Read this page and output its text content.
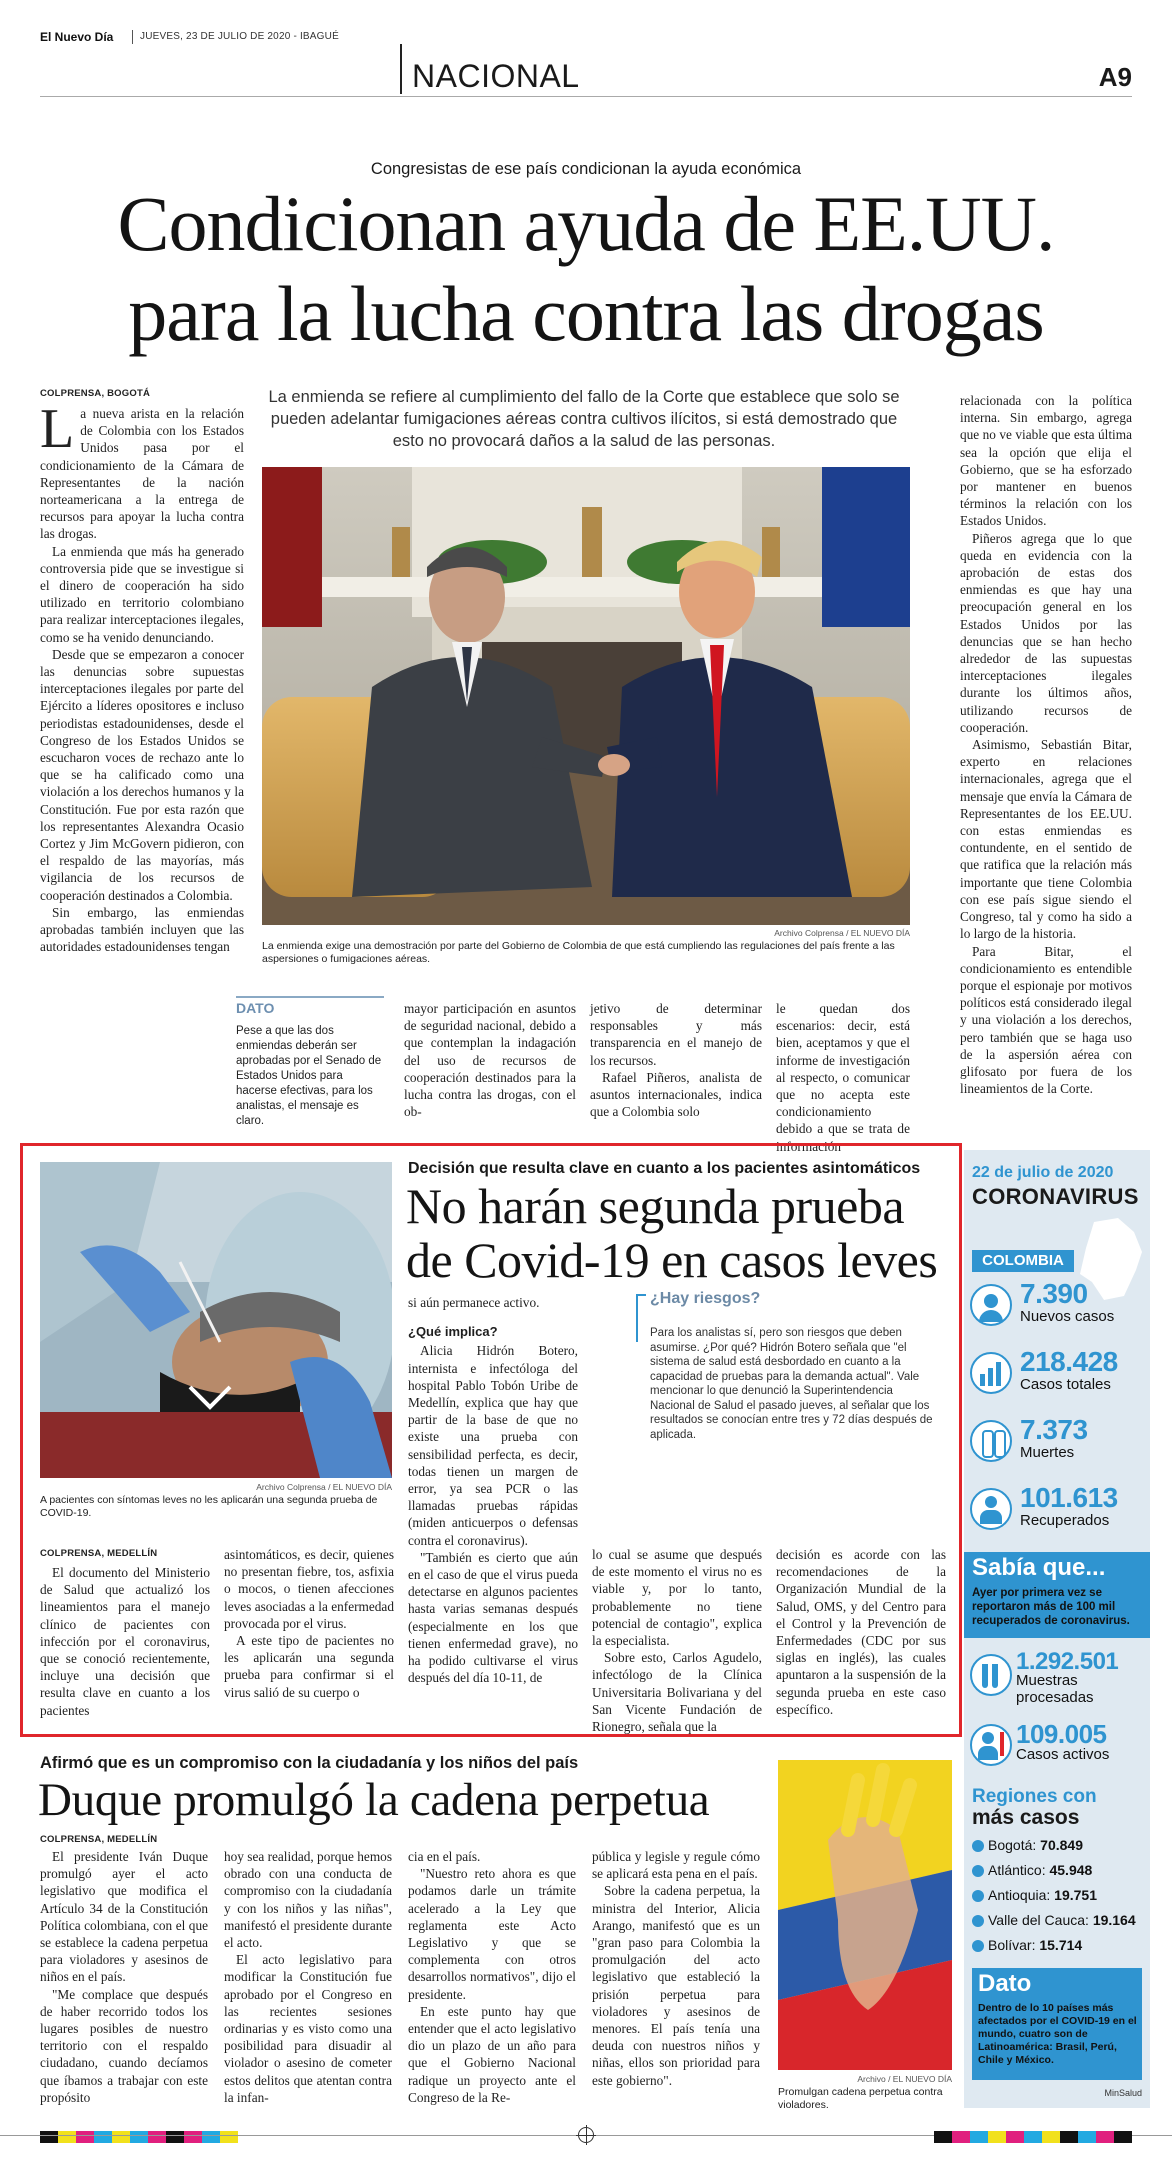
El Nuevo Día	JUEVES, 23 DE JULIO DE 2020 - IBAGUÉ
NACIONAL	A9
Congresistas de ese país condicionan la ayuda económica
Condicionan ayuda de EE.UU.
para la lucha contra las drogas
COLPRENSA, BOGOTÁ

La nueva arista en la relación de Colombia con los Estados Unidos pasa por el condicionamiento de la Cámara de Representantes de la nación norteamericana a la entrega de recursos para apoyar la lucha contra las drogas.

La enmienda que más ha generado controversia pide que se investigue si el dinero de cooperación ha sido utilizado en territorio colombiano para realizar interceptaciones ilegales, como se ha venido denunciando.

Desde que se empezaron a conocer las denuncias sobre supuestas interceptaciones ilegales por parte del Ejército a líderes opositores e incluso periodistas estadounidenses, desde el Congreso de los Estados Unidos se escucharon voces de rechazo ante lo que se ha calificado como una violación a los derechos humanos y la Constitución. Fue por esta razón que los representantes Alexandra Ocasio Cortez y Jim McGovern pidieron, con el respaldo de las mayorías, más vigilancia de los recursos de cooperación destinados a Colombia.

Sin embargo, las enmiendas aprobadas también incluyen que las autoridades estadounidenses tengan

La enmienda se refiere al cumplimiento del fallo de la Corte que establece que solo se pueden adelantar fumigaciones aéreas contra cultivos ilícitos, si está demostrado que esto no provocará daños a la salud de las personas.
Archivo Colprensa / EL NUEVO DÍA
La enmienda exige una demostración por parte del Gobierno de Colombia de que está cumpliendo las regulaciones del país frente a las aspersiones o fumigaciones aéreas.
DATO
Pese a que las dos enmiendas deberán ser aprobadas por el Senado de Estados Unidos para hacerse efectivas, para los analistas, el mensaje es claro.

mayor participación en asuntos de seguridad nacional, debido a que contemplan la indagación del uso de recursos de cooperación destinados para la lucha contra las drogas, con el ob-

jetivo de determinar responsables y más transparencia en el manejo de los recursos.

Rafael Piñeros, analista de asuntos internacionales, indica que a Colombia solo

le quedan dos escenarios: decir, está bien, aceptamos y que el informe de investigación al respecto, o comunicar que no acepta este condicionamiento debido a que se trata de información

relacionada con la política interna. Sin embargo, agrega que no ve viable que esta última sea la opción que elija el Gobierno, que se ha esforzado por mantener en buenos términos la relación con los Estados Unidos.

Piñeros agrega que lo que queda en evidencia con la aprobación de estas dos enmiendas es que hay una preocupación general en los Estados Unidos por las denuncias que se han hecho alrededor de las supuestas interceptaciones ilegales durante los últimos años, utilizando recursos de cooperación.

Asimismo, Sebastián Bitar, experto en relaciones internacionales, agrega que el mensaje que envía la Cámara de Representantes de los EE.UU. con estas enmiendas es contundente, en el sentido de que ratifica que la relación más importante que tiene Colombia con ese país sigue siendo el Congreso, tal y como ha sido a lo largo de la historia.

Para Bitar, el condicionamiento es entendible porque el espionaje por motivos políticos está considerado ilegal y una violación a los derechos, pero también que se haga uso de la aspersión aérea con glifosato por fuera de los lineamientos de la Corte.

Archivo Colprensa / EL NUEVO DÍA
A pacientes con síntomas leves no les aplicarán una segunda prueba de COVID-19.
Decisión que resulta clave en cuanto a los pacientes asintomáticos
No harán segunda prueba
de Covid-19 en casos leves
COLPRENSA, MEDELLÍN

El documento del Ministerio de Salud que actualizó los lineamientos para el manejo clínico de pacientes con infección por el coronavirus, que se conoció recientemente, incluye una decisión que resulta clave en cuanto a los pacientes

asintomáticos, es decir, quienes no presentan fiebre, tos, asfixia o mocos, o tienen afecciones leves asociadas a la enfermedad provocada por el virus.

A este tipo de pacientes no les aplicarán una segunda prueba para confirmar si el virus salió de su cuerpo o

si aún permanece activo.

¿Qué implica?

Alicia Hidrón Botero, internista e infectóloga del hospital Pablo Tobón Uribe de Medellín, explica que hay que partir de la base de que no existe una prueba con sensibilidad perfecta, es decir, todas tienen un margen de error, ya sea PCR o las llamadas pruebas rápidas (miden anticuerpos o defensas contra el coronavirus).

"También es cierto que aún en el caso de que el virus pueda detectarse en algunos pacientes hasta varias semanas después (especialmente en los que tienen enfermedad grave), no ha podido cultivarse el virus después del día 10-11, de

¿Hay riesgos?
Para los analistas sí, pero son riesgos que deben asumirse. ¿Por qué? Hidrón Botero señala que "el sistema de salud está desbordado en cuanto a la capacidad de pruebas para la demanda actual". Vale mencionar lo que denunció la Superintendencia Nacional de Salud el pasado jueves, al señalar que los resultados se conocían entre tres y 72 días después de aplicada.

lo cual se asume que después de este momento el virus no es viable y, por lo tanto, probablemente no tiene potencial de contagio", explica la especialista.

Sobre esto, Carlos Agudelo, infectólogo de la Clínica Universitaria Bolivariana y del San Vicente Fundación de Rionegro, señala que la

decisión es acorde con las recomendaciones de la Organización Mundial de la Salud, OMS, y del Centro para el Control y la Prevención de Enfermedades (CDC por sus siglas en inglés), las cuales apuntaron a la suspensión de la segunda prueba en este caso específico.

22 de julio de 2020
CORONAVIRUS
COLOMBIA
7.390
Nuevos casos
218.428
Casos totales
7.373
Muertes
101.613
Recuperados
Sabía que...
Ayer por primera vez se reportaron más de 100 mil recuperados de coronavirus.
1.292.501
Muestras procesadas
109.005
Casos activos
Regiones con
más casos
Bogotá: 70.849
Atlántico: 45.948
Antioquia: 19.751
Valle del Cauca: 19.164
Bolívar: 15.714
Dato
Dentro de lo 10 países más afectados por el COVID-19 en el mundo, cuatro son de Latinoamérica: Brasil, Perú, Chile y México.
MinSalud
Afirmó que es un compromiso con la ciudadanía y los niños del país
Duque promulgó la cadena perpetua
COLPRENSA, MEDELLÍN

El presidente Iván Duque promulgó ayer el acto legislativo que modifica el Artículo 34 de la Constitución Política colombiana, con el que se establece la cadena perpetua para violadores y asesinos de niños en el país.

"Me complace que después de haber recorrido todos los lugares posibles de nuestro territorio con el respaldo ciudadano, cuando decíamos que íbamos a trabajar con este propósito

hoy sea realidad, porque hemos obrado con una conducta de compromiso con la ciudadanía y con los niños y las niñas", manifestó el presidente durante el acto.

El acto legislativo para modificar la Constitución fue aprobado por el Congreso en las recientes sesiones ordinarias y es visto como una posibilidad para disuadir al violador o asesino de cometer estos delitos que atentan contra la infan-

cia en el país.

"Nuestro reto ahora es que podamos darle un trámite acelerado a la Ley que reglamenta este Acto Legislativo y que se complementa con otros desarrollos normativos", dijo el presidente.

En este punto hay que entender que el acto legislativo dio un plazo de un año para que el Gobierno Nacional radique un proyecto ante el Congreso de la Re-

pública y legisle y regule cómo se aplicará esta pena en el país.

Sobre la cadena perpetua, la ministra del Interior, Alicia Arango, manifestó que es un "gran paso para Colombia la promulgación del acto legislativo que estableció la prisión perpetua para violadores y asesinos de menores. El país tenía una deuda con nuestros niños y niñas, ellos son prioridad para este gobierno".	Archivo / EL NUEVO DÍA
Promulgan cadena perpetua contra violadores.
